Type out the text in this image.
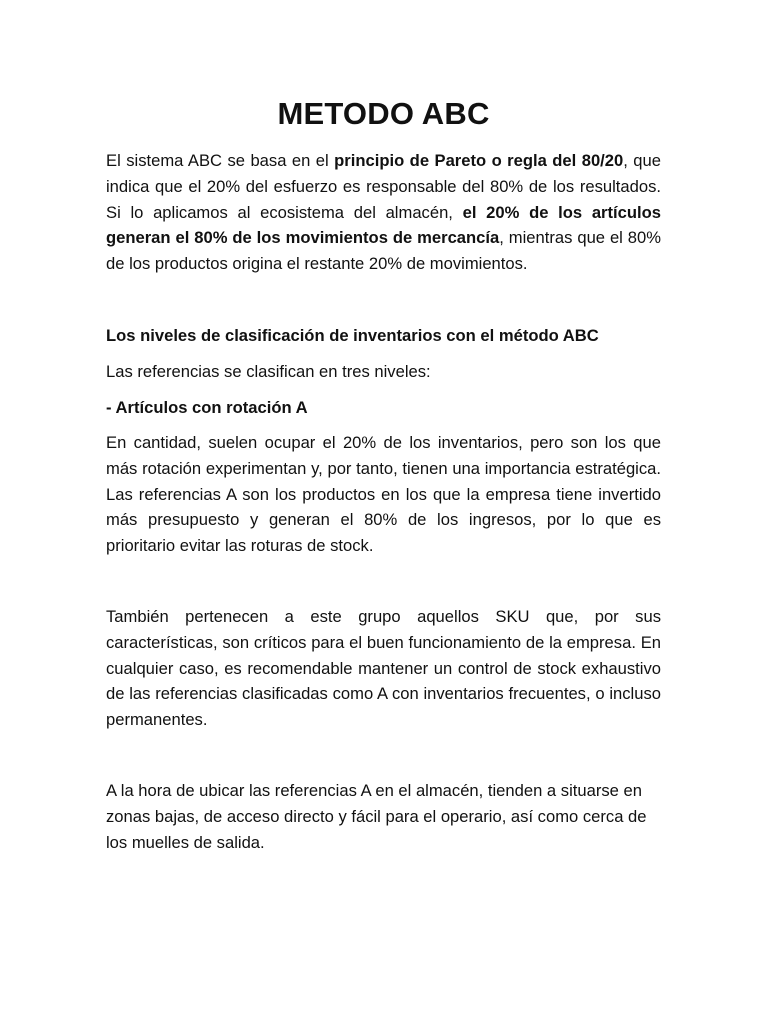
METODO ABC

El sistema ABC se basa en el principio de Pareto o regla del 80/20, que indica que el 20% del esfuerzo es responsable del 80% de los resultados. Si lo aplicamos al ecosistema del almacén, el 20% de los artículos generan el 80% de los movimientos de mercancía, mientras que el 80% de los productos origina el restante 20% de movimientos.

Los niveles de clasificación de inventarios con el método ABC

Las referencias se clasifican en tres niveles:

- Artículos con rotación A

En cantidad, suelen ocupar el 20% de los inventarios, pero son los que más rotación experimentan y, por tanto, tienen una importancia estratégica. Las referencias A son los productos en los que la empresa tiene invertido más presupuesto y generan el 80% de los ingresos, por lo que es prioritario evitar las roturas de stock.

También pertenecen a este grupo aquellos SKU que, por sus características, son críticos para el buen funcionamiento de la empresa. En cualquier caso, es recomendable mantener un control de stock exhaustivo de las referencias clasificadas como A con inventarios frecuentes, o incluso permanentes.

A la hora de ubicar las referencias A en el almacén, tienden a situarse en zonas bajas, de acceso directo y fácil para el operario, así como cerca de los muelles de salida.
